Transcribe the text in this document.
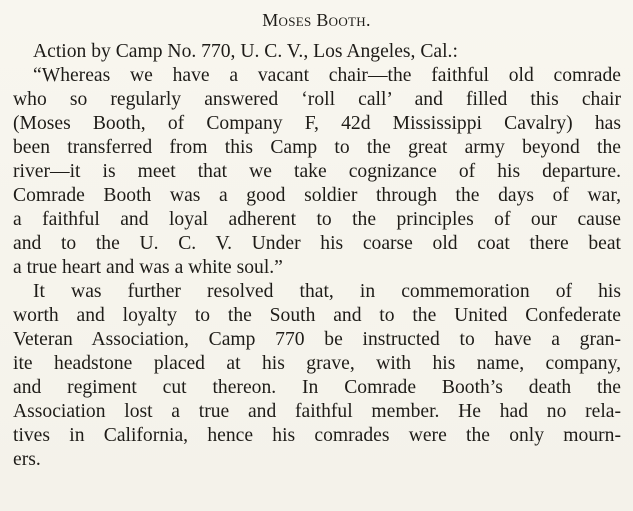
Moses Booth.
Action by Camp No. 770, U. C. V., Los Angeles, Cal.:
“Whereas we have a vacant chair—the faithful old comrade
who so regularly answered ‘roll call’ and filled this chair
(Moses Booth, of Company F, 42d Mississippi Cavalry) has
been transferred from this Camp to the great army beyond the
river—it is meet that we take cognizance of his departure.
Comrade Booth was a good soldier through the days of war,
a faithful and loyal adherent to the principles of our cause
and to the U. C. V. Under his coarse old coat there beat
a true heart and was a white soul.”
It was further resolved that, in commemoration of his
worth and loyalty to the South and to the United Confederate
Veteran Association, Camp 770 be instructed to have a gran-
ite headstone placed at his grave, with his name, company,
and regiment cut thereon. In Comrade Booth’s death the
Association lost a true and faithful member. He had no rela-
tives in California, hence his comrades were the only mourn-
ers.
